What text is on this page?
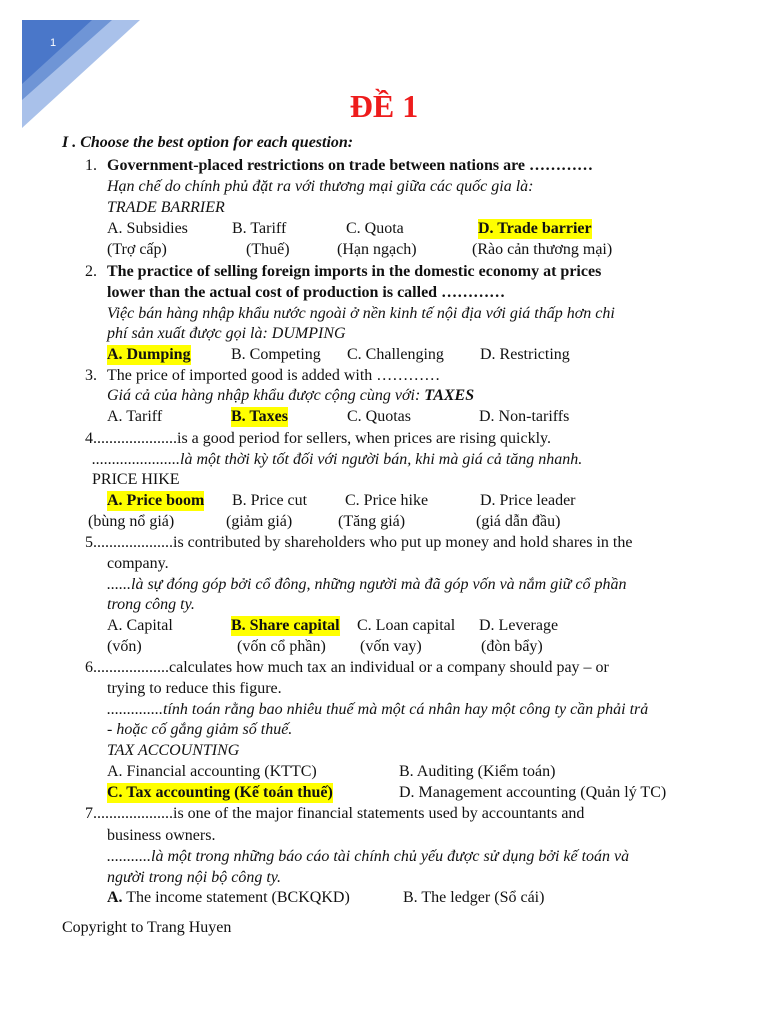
1
ĐỀ 1
I . Choose the best option for each question:
1. Government-placed restrictions on trade between nations are …………
Hạn chế do chính phủ đặt ra với thương mại giữa các quốc gia là:
TRADE BARRIER
A. Subsidies	B. Tariff	C. Quota	D. Trade barrier
(Trợ cấp)	(Thuế)	(Hạn ngạch)	(Rào cản thương mại)
2. The practice of selling foreign imports in the domestic economy at prices
lower than the actual cost of production is called …………
Việc bán hàng nhập khẩu nước ngoài ở nền kinh tế nội địa với giá thấp hơn chi
phí sản xuất được gọi là: DUMPING
A. Dumping	B. Competing C. Challenging D. Restricting
3. The price of imported good is added with …………
Giá cả của hàng nhập khẩu được cộng cùng với: TAXES
A. Tariff	B. Taxes	C. Quotas	D. Non-tariffs
4.....................is a good period for sellers, when prices are rising quickly.
......................là một thời kỳ tốt đối với người bán, khi mà giá cả tăng nhanh.
PRICE HIKE
A. Price boom B. Price cut C. Price hike	D. Price leader
(bùng nổ giá)	(giảm giá)	(Tăng giá)	(giá dẫn đầu)
5....................is contributed by shareholders who put up money and hold shares in the
company.
......là sự đóng góp bởi cổ đông, những người mà đã góp vốn và nắm giữ cổ phần
trong công ty.
A. Capital	B. Share capital C. Loan capital D. Leverage
(vốn)	(vốn cổ phần) (vốn vay)	(đòn bẩy)
6...................calculates how much tax an individual or a company should pay – or
trying to reduce this figure.
..............tính toán rằng bao nhiêu thuế mà một cá nhân hay một công ty cần phải trả
- hoặc cố gắng giảm số thuế.
TAX ACCOUNTING
A. Financial accounting (KTTC)	B. Auditing (Kiểm toán)
C. Tax accounting (Kế toán thuế)	D. Management accounting (Quản lý TC)
7....................is one of the major financial statements used by accountants and
business owners.
...........là một trong những báo cáo tài chính chủ yếu được sử dụng bởi kế toán và
người trong nội bộ công ty.
A. The income statement (BCKQKD)	B. The ledger (Sổ cái)
Copyright to Trang Huyen
